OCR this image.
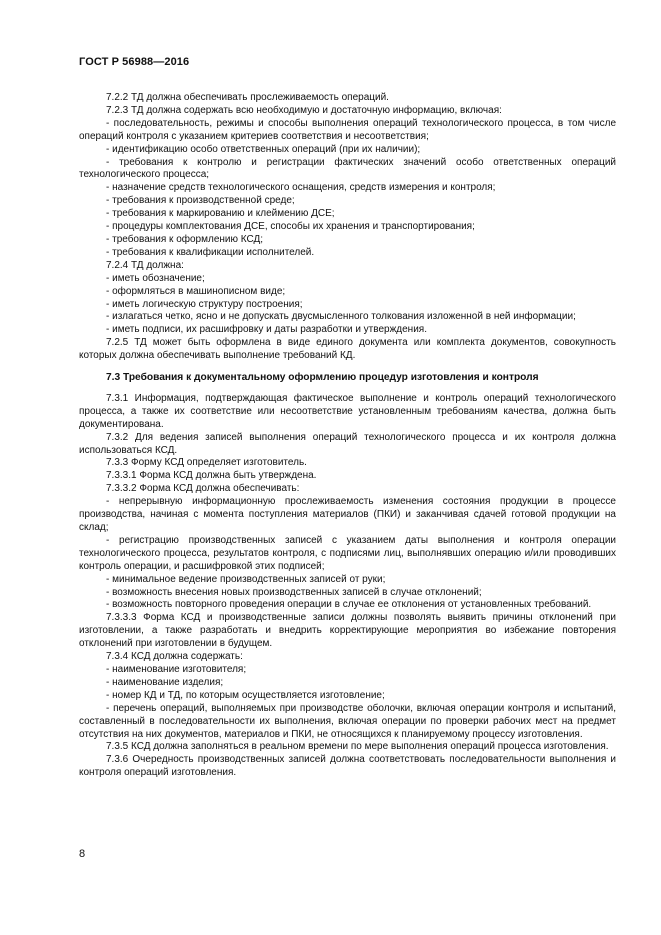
ГОСТ Р 56988—2016

7.2.2 ТД должна обеспечивать прослеживаемость операций.

7.2.3 ТД должна содержать всю необходимую и достаточную информацию, включая:

- последовательность, режимы и способы выполнения операций технологического процесса, в том числе операций контроля с указанием критериев соответствия и несоответствия;

- идентификацию особо ответственных операций (при их наличии);

- требования к контролю и регистрации фактических значений особо ответственных операций технологического процесса;

- назначение средств технологического оснащения, средств измерения и контроля;

- требования к производственной среде;

- требования к маркированию и клеймению ДСЕ;

- процедуры комплектования ДСЕ, способы их хранения и транспортирования;

- требования к оформлению КСД;

- требования к квалификации исполнителей.

7.2.4 ТД должна:

- иметь обозначение;

- оформляться в машинописном виде;

- иметь логическую структуру построения;

- излагаться четко, ясно и не допускать двусмысленного толкования изложенной в ней информации;

- иметь подписи, их расшифровку и даты разработки и утверждения.

7.2.5 ТД может быть оформлена в виде единого документа или комплекта документов, совокупность которых должна обеспечивать выполнение требований КД.

7.3 Требования к документальному оформлению процедур изготовления и контроля

7.3.1 Информация, подтверждающая фактическое выполнение и контроль операций технологического процесса, а также их соответствие или несоответствие установленным требованиям качества, должна быть документирована.

7.3.2 Для ведения записей выполнения операций технологического процесса и их контроля должна использоваться КСД.

7.3.3 Форму КСД определяет изготовитель.

7.3.3.1 Форма КСД должна быть утверждена.

7.3.3.2 Форма КСД должна обеспечивать:

- непрерывную информационную прослеживаемость изменения состояния продукции в процессе производства, начиная с момента поступления материалов (ПКИ) и заканчивая сдачей готовой продукции на склад;

- регистрацию производственных записей с указанием даты выполнения и контроля операции технологического процесса, результатов контроля, с подписями лиц, выполнявших операцию и/или проводивших контроль операции, и расшифровкой этих подписей;

- минимальное ведение производственных записей от руки;

- возможность внесения новых производственных записей в случае отклонений;

- возможность повторного проведения операции в случае ее отклонения от установленных требований.

7.3.3.3 Форма КСД и производственные записи должны позволять выявить причины отклонений при изготовлении, а также разработать и внедрить корректирующие мероприятия во избежание повторения отклонений при изготовлении в будущем.

7.3.4 КСД должна содержать:

- наименование изготовителя;

- наименование изделия;

- номер КД и ТД, по которым осуществляется изготовление;

- перечень операций, выполняемых при производстве оболочки, включая операции контроля и испытаний, составленный в последовательности их выполнения, включая операции по проверки рабочих мест на предмет отсутствия на них документов, материалов и ПКИ, не относящихся к планируемому процессу изготовления.

7.3.5 КСД должна заполняться в реальном времени по мере выполнения операций процесса изготовления.

7.3.6 Очередность производственных записей должна соответствовать последовательности выполнения и контроля операций изготовления.

8
